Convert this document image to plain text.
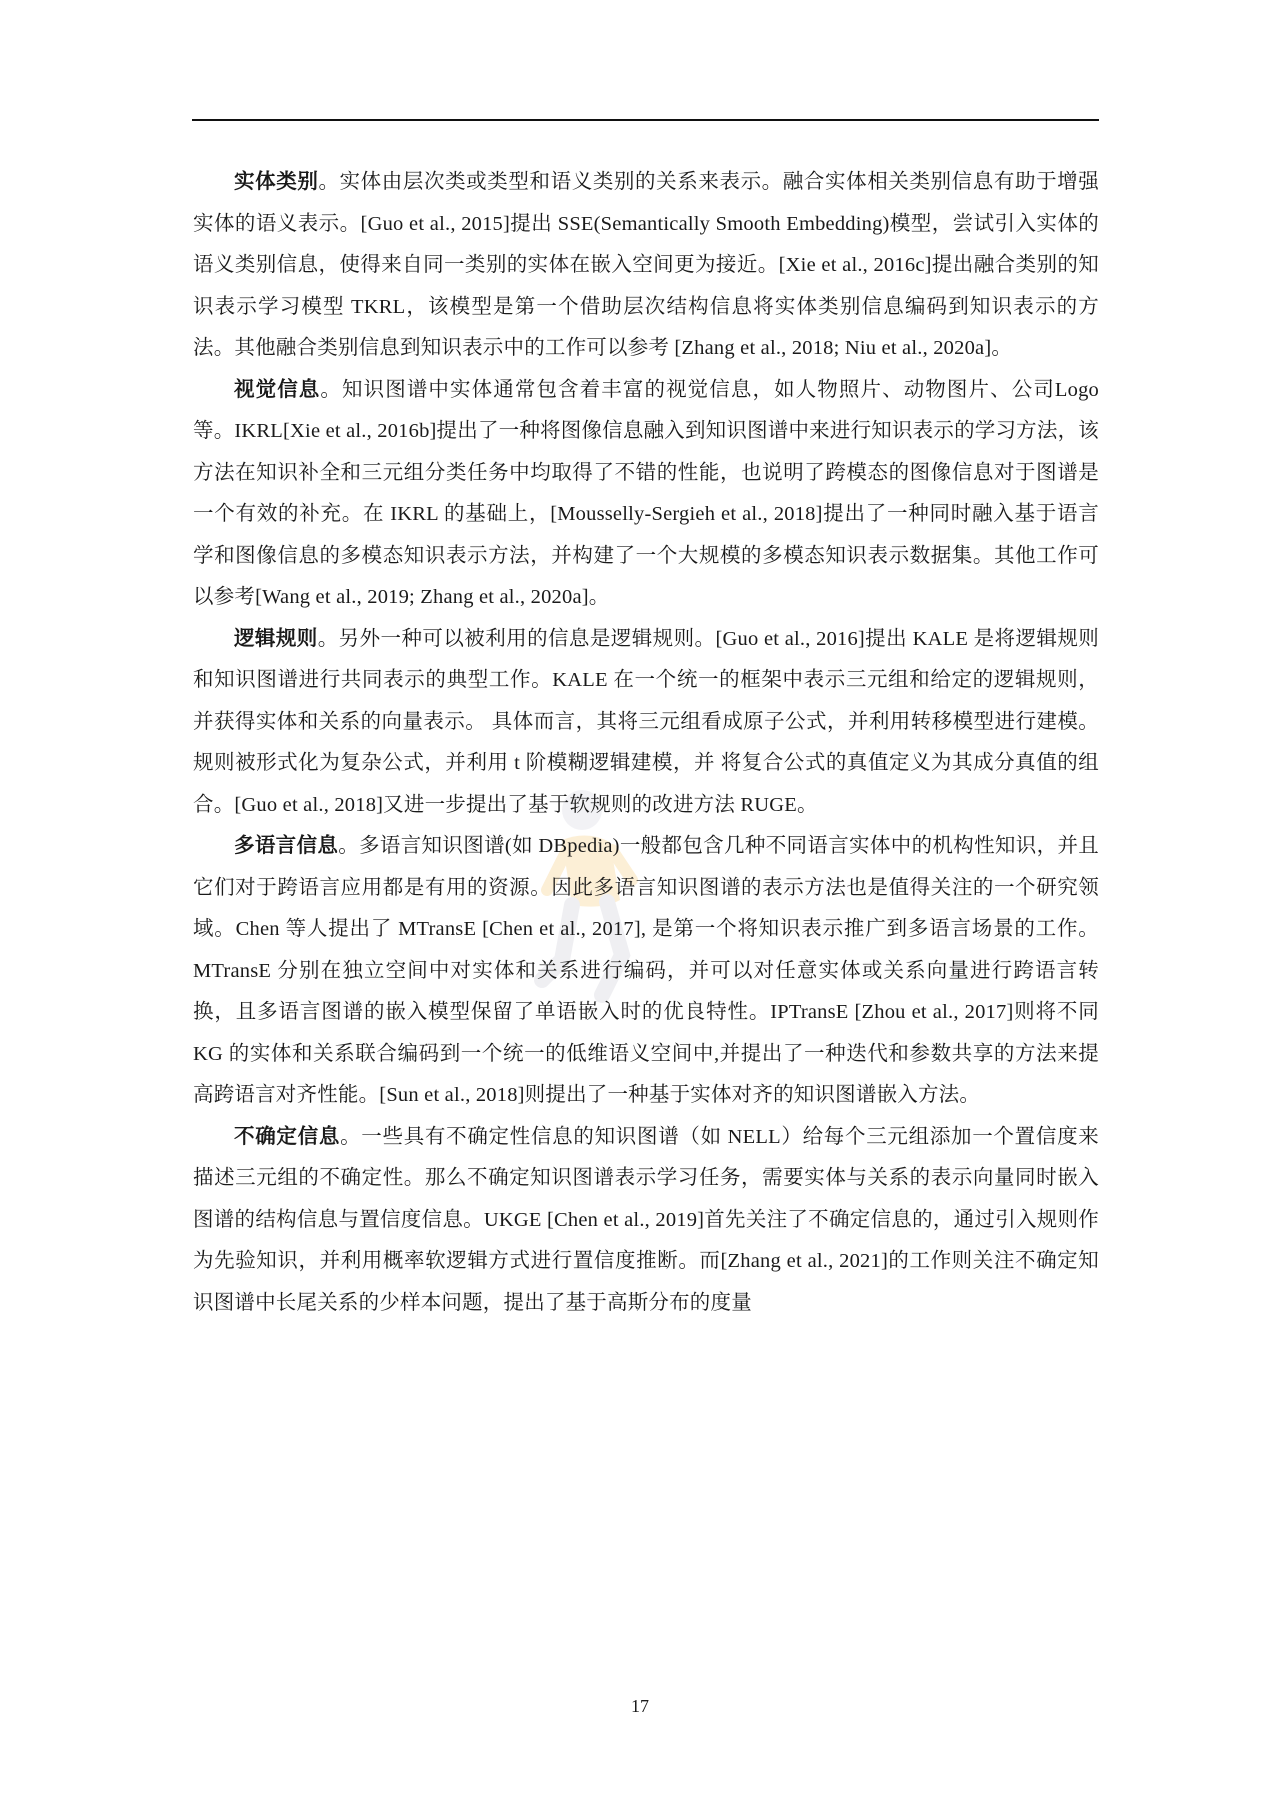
实体类别。实体由层次类或类型和语义类别的关系来表示。融合实体相关类别信息有助于增强实体的语义表示。[Guo et al., 2015]提出 SSE(Semantically Smooth Embedding)模型，尝试引入实体的语义类别信息，使得来自同一类别的实体在嵌入空间更为接近。[Xie et al., 2016c]提出融合类别的知识表示学习模型 TKRL，该模型是第一个借助层次结构信息将实体类别信息编码到知识表示的方法。其他融合类别信息到知识表示中的工作可以参考 [Zhang et al., 2018; Niu et al., 2020a]。

视觉信息。知识图谱中实体通常包含着丰富的视觉信息，如人物照片、动物图片、公司Logo 等。IKRL[Xie et al., 2016b]提出了一种将图像信息融入到知识图谱中来进行知识表示的学习方法，该方法在知识补全和三元组分类任务中均取得了不错的性能，也说明了跨模态的图像信息对于图谱是一个有效的补充。在 IKRL 的基础上，[Mousselly-Sergieh et al., 2018]提出了一种同时融入基于语言学和图像信息的多模态知识表示方法，并构建了一个大规模的多模态知识表示数据集。其他工作可以参考[Wang et al., 2019; Zhang et al., 2020a]。

逻辑规则。另外一种可以被利用的信息是逻辑规则。[Guo et al., 2016]提出 KALE 是将逻辑规则和知识图谱进行共同表示的典型工作。KALE 在一个统一的框架中表示三元组和给定的逻辑规则，并获得实体和关系的向量表示。 具体而言，其将三元组看成原子公式，并利用转移模型进行建模。规则被形式化为复杂公式，并利用 t 阶模糊逻辑建模，并 将复合公式的真值定义为其成分真值的组合。[Guo et al., 2018]又进一步提出了基于软规则的改进方法 RUGE。

多语言信息。多语言知识图谱(如 DBpedia)一般都包含几种不同语言实体中的机构性知识，并且它们对于跨语言应用都是有用的资源。因此多语言知识图谱的表示方法也是值得关注的一个研究领域。Chen 等人提出了 MTransE [Chen et al., 2017], 是第一个将知识表示推广到多语言场景的工作。MTransE 分别在独立空间中对实体和关系进行编码，并可以对任意实体或关系向量进行跨语言转换，且多语言图谱的嵌入模型保留了单语嵌入时的优良特性。IPTransE [Zhou et al., 2017]则将不同 KG 的实体和关系联合编码到一个统一的低维语义空间中,并提出了一种迭代和参数共享的方法来提高跨语言对齐性能。[Sun et al., 2018]则提出了一种基于实体对齐的知识图谱嵌入方法。

不确定信息。一些具有不确定性信息的知识图谱（如 NELL）给每个三元组添加一个置信度来描述三元组的不确定性。那么不确定知识图谱表示学习任务，需要实体与关系的表示向量同时嵌入图谱的结构信息与置信度信息。UKGE [Chen et al., 2019]首先关注了不确定信息的，通过引入规则作为先验知识，并利用概率软逻辑方式进行置信度推断。而[Zhang et al., 2021]的工作则关注不确定知识图谱中长尾关系的少样本问题，提出了基于高斯分布的度量

17
